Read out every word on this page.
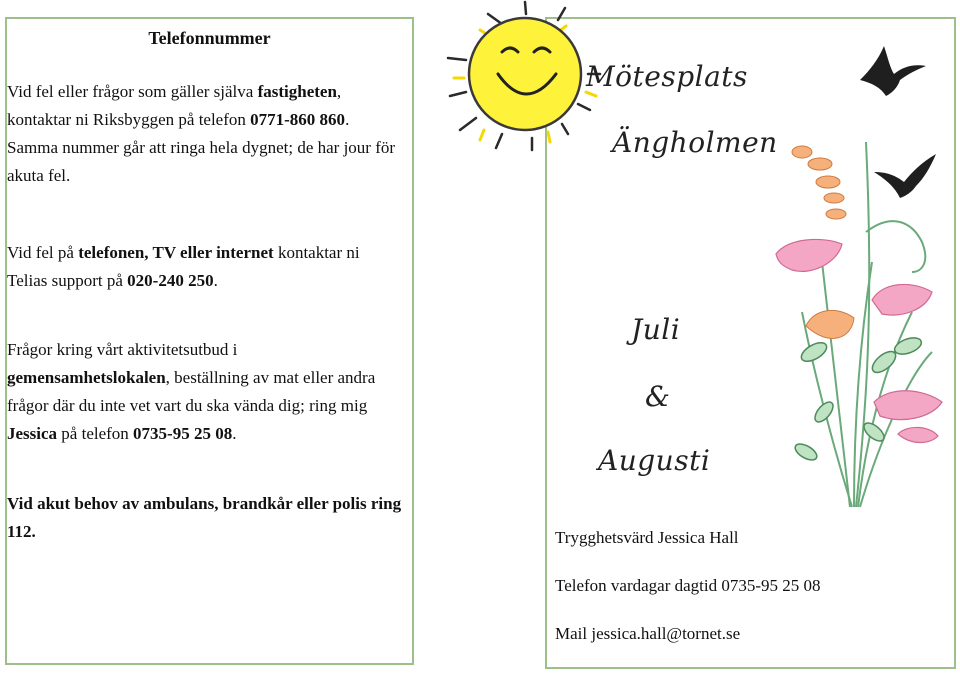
Telefonnummer
Vid fel eller frågor som gäller själva fastigheten, kontaktar ni Riksbyggen på telefon 0771-860 860. Samma nummer går att ringa hela dygnet; de har jour för akuta fel.
Vid fel på telefonen, TV eller internet kontaktar ni Telias support på 020-240 250.
Frågor kring vårt aktivitetsutbud i gemensamhetslokalen, beställning av mat eller andra frågor där du inte vet vart du ska vända dig; ring mig Jessica på telefon 0735-95 25 08.
Vid akut behov av ambulans, brandkår eller polis ring 112.
Mötesplats
Ängholmen
Juli
&
Augusti
Trygghetsvärd Jessica Hall
Telefon vardagar dagtid 0735-95 25 08
Mail jessica.hall@tornet.se
